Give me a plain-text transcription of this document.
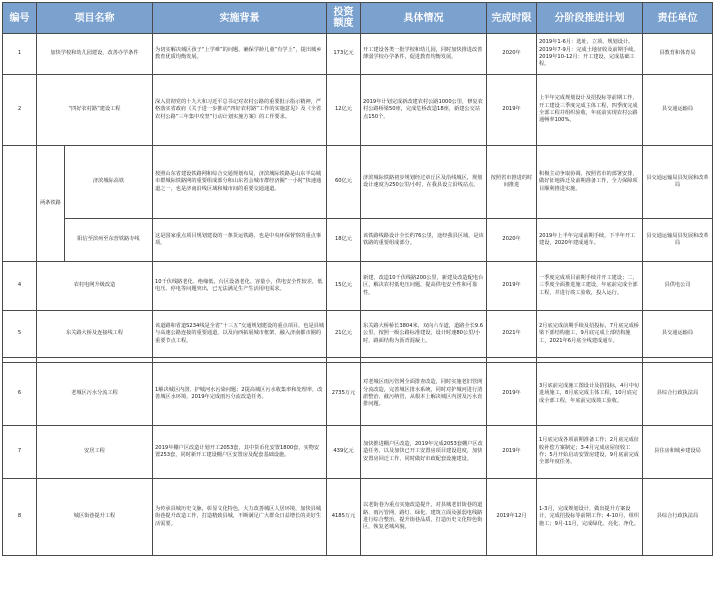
编号	项目名称		实施背景	投资额度	具体情况	完成时限	分阶段推进计划	责任单位
1	加快学校和幼儿园建设，改善办学条件		为切实解决城区孩子“上学难”的问题，确保学龄儿童“有学上”，提出城乡教育优质均衡发展。	173亿元	开工建设各类一批学校和幼儿园，同时加快推进改善薄弱学校办学条件，促进教育均衡发展。	2020年	2019年1-6月：选址、立项、规划设计。2019年7-9月：完成土地征收及前期手续。2019年10-12月：开工建设，完成基础工程。	县教育和体育局
2	“四好农村路”建设工程		深入贯彻党的十九大和习近平总书记对农村公路的重要批示指示精神，严格落实省政府《关于进一步推动“四好农村路”工作的实施意见》及《全省农村公路“三年集中攻坚”行动计划实施方案》的工作要求。	12亿元	2019年计划完成新改建农村公路1000公里，修复农村公路桥梁50座，完成危桥改造18座，新建公交站点150个。	2019年	上半年完成规划设计及招投标等前期工作，开工建设三季度完成主体工程，四季度完成全部工程并组织验收，年底前实现农村公路通畅率100%。	县交通运输局
	两条铁路	济滨城际高铁	按照山东省建设铁路网和综合交通规划布局，济滨城际铁路是山东半岛城市群城际铁路网的重要组成部分和山东省会城市群经济圈“一小时”快速通道之一，也是济南沿线区域和城市间的重要交通通道。	60亿元	济滨城际铁路初步规划经过章丘区及沿线城区，规划设计速度为250公里/小时，在我县设立沿线站点。	按照省市推进的时间推进	积极主动争取协调，按照省市的部署安排，做好征地拆迁及前期准备工作，全力保障项目顺利推进实施。	县交通运输局县发展和改革局
		阳信至滨州至东营铁路专线	这是国家重点项目规划建设的一条货运铁路，也是中央环保督察的重点事项。	18亿元	该铁路线路设计全长约76公里，途经我县区域，是该铁路的重要组成部分。	2020年	2019年上半年完成前期手续，下半年开工建设，2020年建成通车。	县交通运输局县发展和改革局
4	农村电网升级改造		10千伏线路老化、绝缘低，台区设备老化、容量小，供电安全性较差，低电压、停电等问题突出，已无法满足生产生活用电需求。	15亿元	新建、改造10千伏线路200公里，新建及改造配电台区，解决农村低电压问题，提高供电安全性和可靠性。	2019年	一季度完成项目前期手续并开工建设；二、三季度全面推进施工建设，年底前完成全部工程，并进行竣工验收，投入运行。	县供电公司
5	东关路大桥及连接线工程		该道路和省道S234线是全省“十三五”交通规划建设的重点项目，也是县城与高速公路连接的重要通道，以及向西拓展城市框架、融入济南都市圈的重要节点工程。	21亿元	东关路大桥桥长3804米，双向六车道，道路全长9.6公里，按照一级公路标准建设，设计时速80公里/小时，路面结构为沥青混凝土。	2021年	2月底完成前期手续及招投标，7月底完成桥梁下部结构施工，9月底完成上部结构施工，2021年6月底全线建成通车。	县交通运输局

6	老城区污水分流工程		1解决城区内涝、护城河水污染问题；2提高城区污水收集率和处理率，改善城区水环境，2019年完成雨污分流改造任务。	2735万元	对老城区雨污管网全面排查改造，同时实施老旧管网分流改造，完善城区排水系统，同时对护城河进行清淤整治、截污纳管，从根本上解决城区内涝及污水直排问题。	2019年	3月底前完成施工图设计及招投标，4月中旬进场施工，8月底完成主体工程，10月底完成全部工程，年底前完成竣工验收。	县综合行政执法局
7	安居工程		2019年棚户区改造计划开工2053套，其中货币化安置1800套，实物安置253套，同时新开工建设棚户区安置房及配套基础设施。	439亿元	加快推进棚户区改造，2019年完成2053套棚户区改造任务，以及加快已开工安置房项目建设进度，加快安置房回迁工作，同时做好市政配套设施建设。	2019年	1月底完成各项前期准备工作；2月底完成征收补偿方案制定；3-4月完成房屋征收工作；5月开始启动安置房建设，9月底前完成全部年度任务。	县住房和城乡建设局
8	城区街巷提升工程		为传承县城历史文脉，彰显文化特色，大力改善城区人居环境，加快县城街巷提升改造工作，打造精致县城，不断满足广大群众日益增长的美好生活需要。	4185万元	以老街巷为重点实施改造提升，对县城老旧街巷的道路、雨污管网、路灯、绿化、建筑立面及强弱电线路进行综合整治，提升街巷品质，打造历史文化特色街区，恢复老城风貌。	2019年12月	1-3月，完成规划设计，做出提升方案设计，完成招投标等前期工作；4-10月，组织施工；9月-11月，完成绿化、亮化、净化。	县综合行政执法局
